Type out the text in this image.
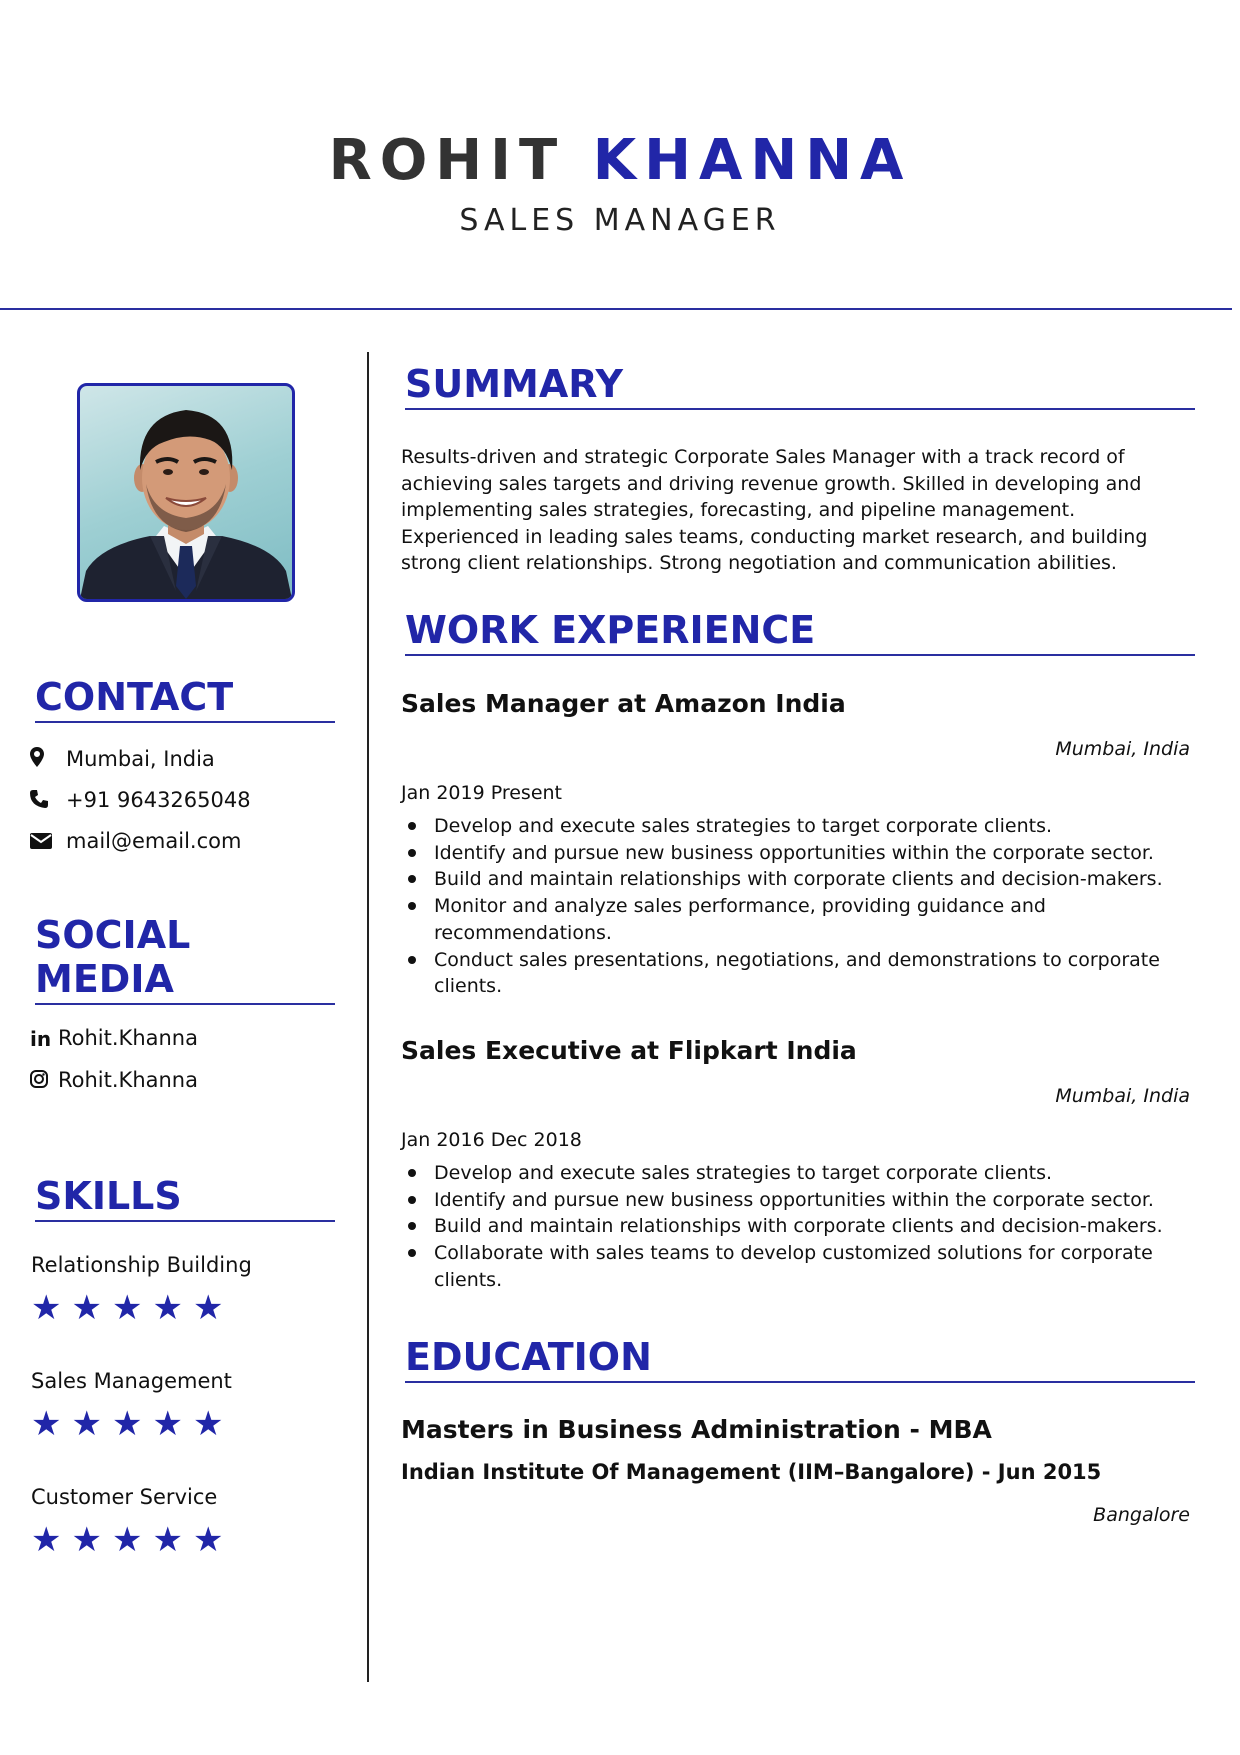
ROHIT KHANNA
SALES MANAGER
CONTACT
Mumbai, India
+91 9643265048
mail@email.com
SOCIAL
MEDIA
in Rohit.Khanna
Rohit.Khanna
SKILLS
Relationship Building
★★★★★
Sales Management
★★★★★
Customer Service
★★★★★
SUMMARY
Results-driven and strategic Corporate Sales Manager with a track record of achieving sales targets and driving revenue growth. Skilled in developing and implementing sales strategies, forecasting, and pipeline management. Experienced in leading sales teams, conducting market research, and building strong client relationships. Strong negotiation and communication abilities.
WORK EXPERIENCE
Sales Manager at Amazon India
Mumbai, India
Jan 2019 Present
Develop and execute sales strategies to target corporate clients.
Identify and pursue new business opportunities within the corporate sector.
Build and maintain relationships with corporate clients and decision-makers.
Monitor and analyze sales performance, providing guidance and recommendations.
Conduct sales presentations, negotiations, and demonstrations to corporate clients.
Sales Executive at Flipkart India
Mumbai, India
Jan 2016 Dec 2018
Develop and execute sales strategies to target corporate clients.
Identify and pursue new business opportunities within the corporate sector.
Build and maintain relationships with corporate clients and decision-makers.
Collaborate with sales teams to develop customized solutions for corporate clients.
EDUCATION
Masters in Business Administration - MBA
Indian Institute Of Management (IIM–Bangalore) - Jun 2015
Bangalore
